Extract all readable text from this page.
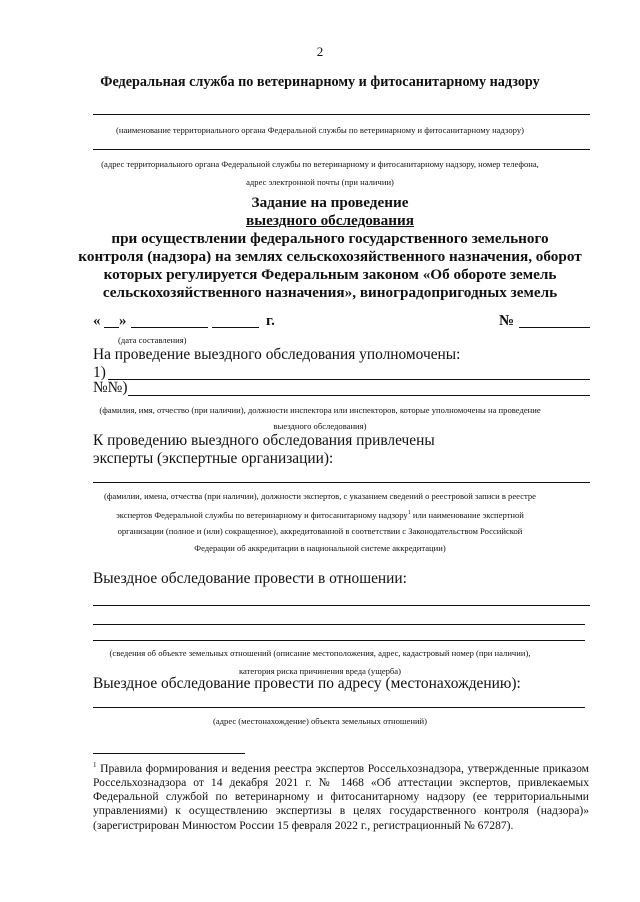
2
Федеральная служба по ветеринарному и фитосанитарному надзору
(наименование территориального органа Федеральной службы по ветеринарному и фитосанитарному надзору)
(адрес территориального органа Федеральной службы по ветеринарному и фитосанитарному надзору, номер телефона,
адрес электронной почты (при наличии)
Задание на проведение
выездного обследования
при осуществлении федерального государственного земельного
контроля (надзора) на землях сельскохозяйственного назначения, оборот
которых регулируется Федеральным законом «Об обороте земель
сельскохозяйственного назначения», виноградопригодных земель
« »	г.	№
(дата составления)
На проведение выездного обследования уполномочены:
1)
№№)
(фамилия, имя, отчество (при наличии), должности инспектора или инспекторов, которые уполномочены на проведение
выездного обследования)
К проведению выездного обследования привлечены
эксперты (экспертные организации):
(фамилии, имена, отчества (при наличии), должности экспертов, с указанием сведений о реестровой записи в реестре
экспертов Федеральной службы по ветеринарному и фитосанитарному надзору$^1$ или наименование экспертной
организации (полное и (или) сокращенное), аккредитованной в соответствии с Законодательством Российской
Федерации об аккредитации в национальной системе аккредитации)
Выездное обследование провести в отношении:
(сведения об объекте земельных отношений (описание местоположения, адрес, кадастровый номер (при наличии),
категория риска причинения вреда (ущерба)
Выездное обследование провести по адресу (местонахождению):
(адрес (местонахождение) объекта земельных отношений)
$^1$ Правила формирования и ведения реестра экспертов Россельхознадзора, утвержденные приказом Россельхознадзора от 14 декабря 2021 г. № 1468 «Об аттестации экспертов, привлекаемых Федеральной службой по ветеринарному и фитосанитарному надзору (ее территориальными управлениями) к осуществлению экспертизы в целях государственного контроля (надзора)» (зарегистрирован Минюстом России 15 февраля 2022 г., регистрационный № 67287).
